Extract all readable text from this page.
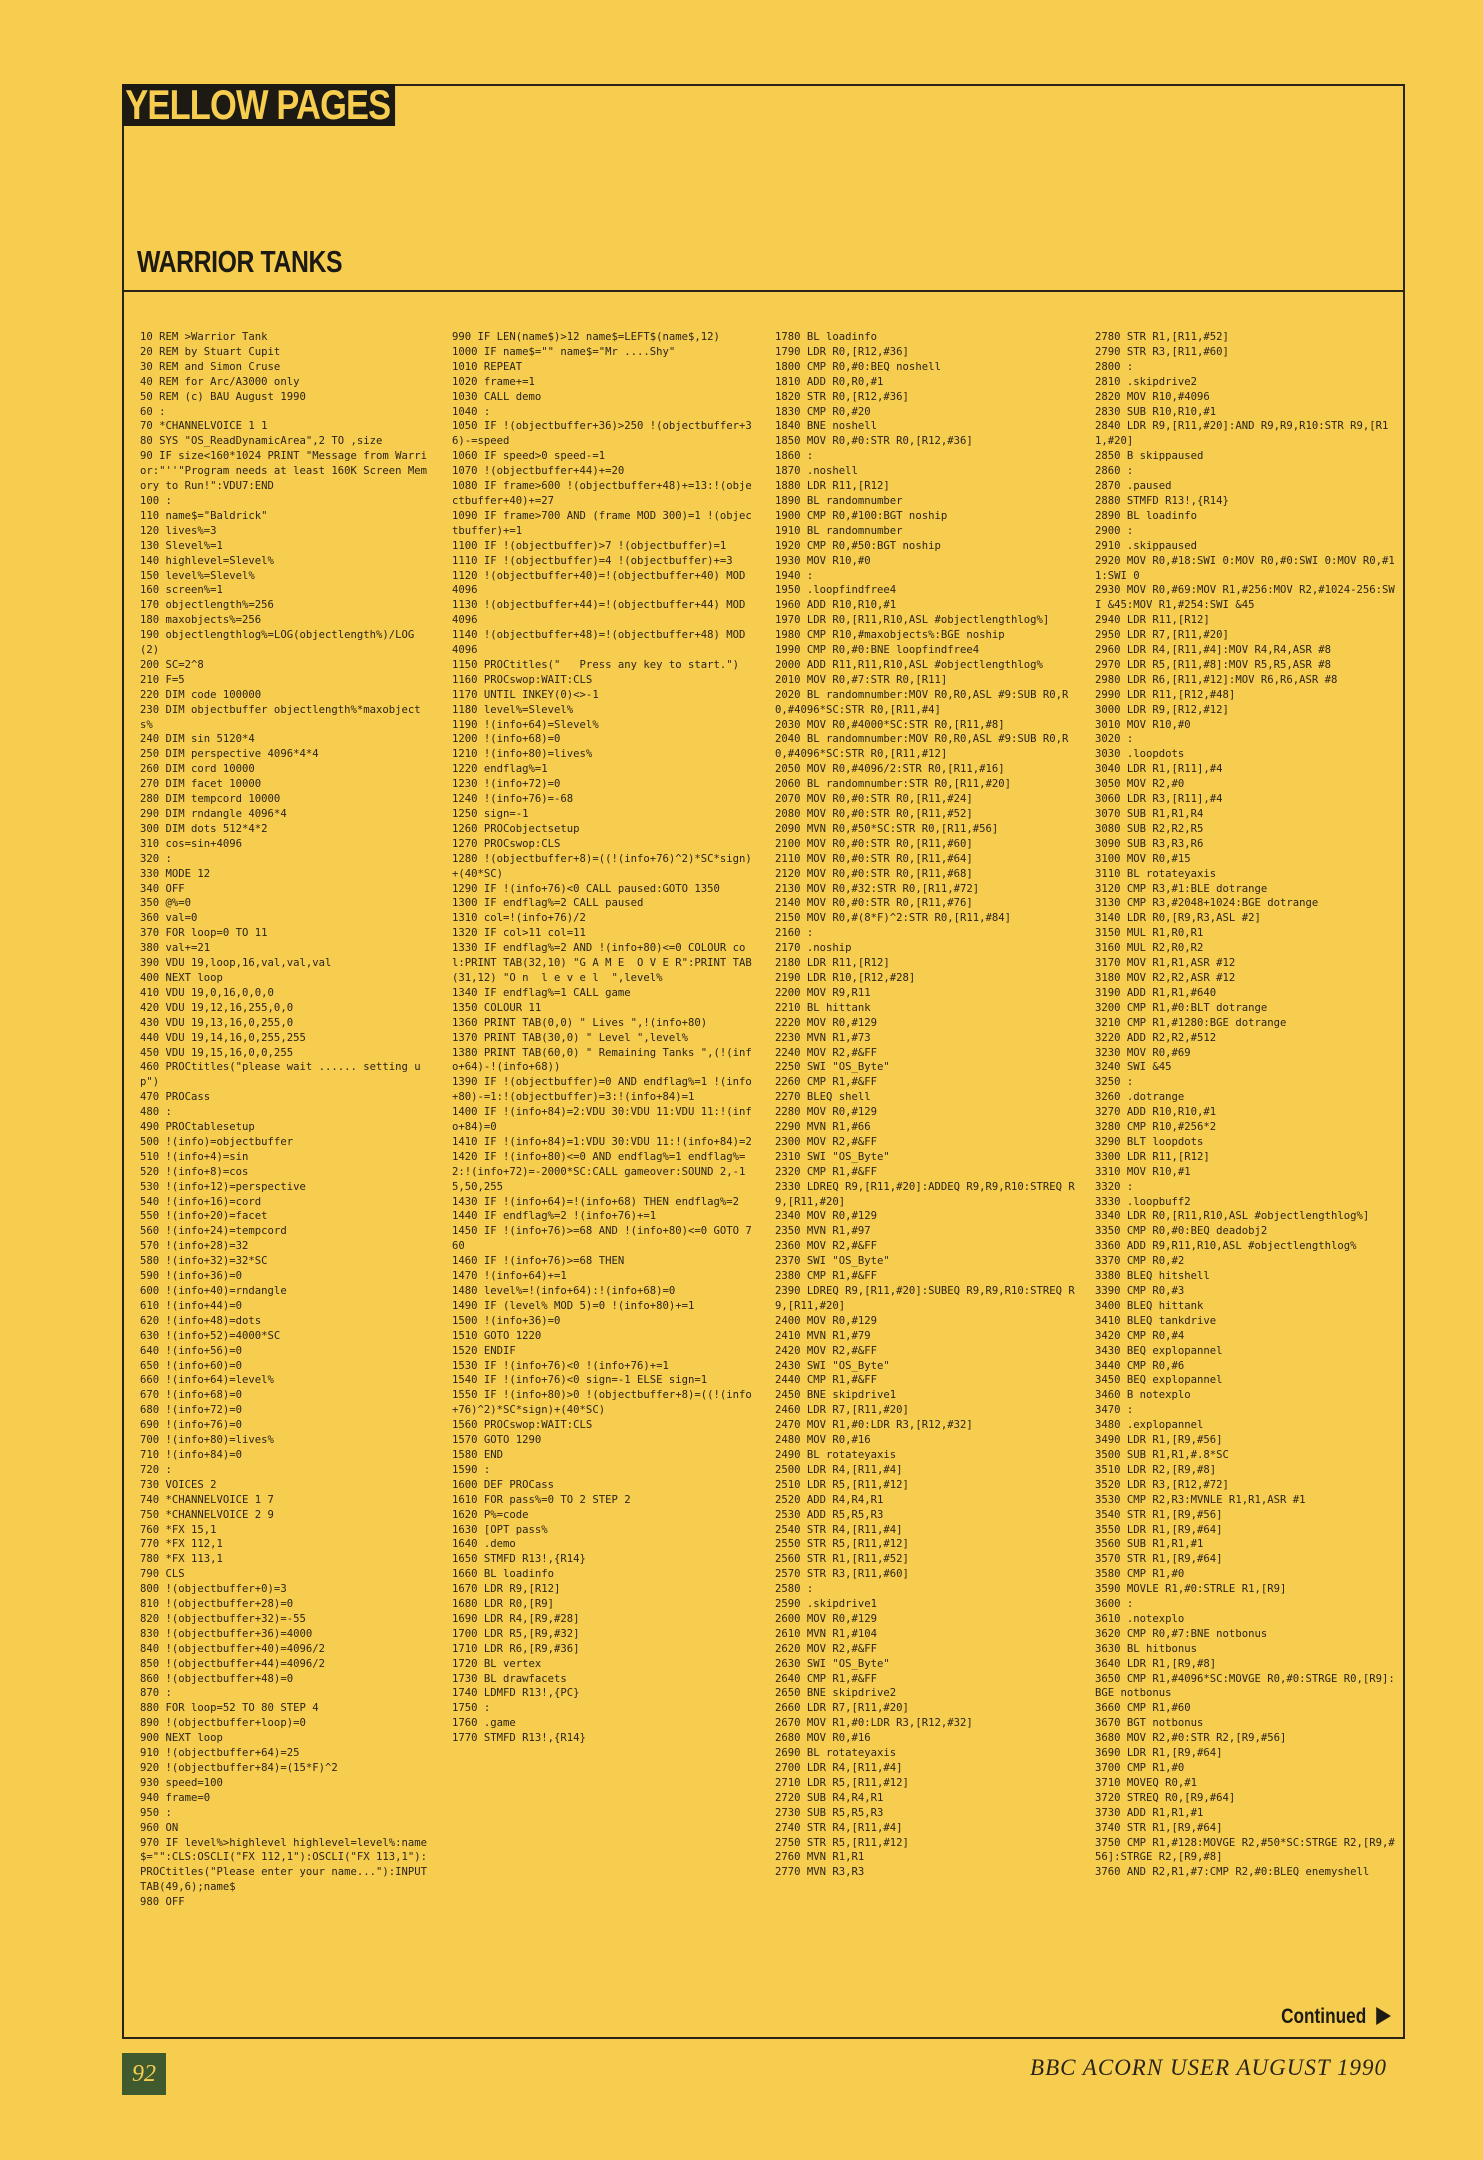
YELLOW PAGES
WARRIOR TANKS
10 REM >Warrior Tank
20 REM by Stuart Cupit
30 REM and Simon Cruse
40 REM for Arc/A3000 only
50 REM (c) BAU August 1990
60 :
70 *CHANNELVOICE 1 1
80 SYS "OS_ReadDynamicArea",2 TO ,size
90 IF size<160*1024 PRINT "Message from Warrior:"''"Program needs at least 160K Screen Memory to Run!":VDU7:END
100 :
110 name$="Baldrick"
120 lives%=3
130 Slevel%=1
140 highlevel=Slevel%
150 level%=Slevel%
160 screen%=1
170 objectlength%=256
180 maxobjects%=256
190 objectlengthlog%=LOG(objectlength%)/LOG(2)
200 SC=2^8
210 F=5
220 DIM code 100000
230 DIM objectbuffer objectlength%*maxobjects%
240 DIM sin 5120*4
250 DIM perspective 4096*4*4
260 DIM cord 10000
270 DIM facet 10000
280 DIM tempcord 10000
290 DIM rndangle 4096*4
300 DIM dots 512*4*2
310 cos=sin+4096
320 :
330 MODE 12
340 OFF
350 @%=0
360 val=0
370 FOR loop=0 TO 11
380 val+=21
390 VDU 19,loop,16,val,val,val
400 NEXT loop
410 VDU 19,0,16,0,0,0
420 VDU 19,12,16,255,0,0
430 VDU 19,13,16,0,255,0
440 VDU 19,14,16,0,255,255
450 VDU 19,15,16,0,0,255
460 PROCtitles("please wait ...... setting up")
470 PROCass
480 :
490 PROCtablesetup
500 !(info)=objectbuffer
510 !(info+4)=sin
520 !(info+8)=cos
530 !(info+12)=perspective
540 !(info+16)=cord
550 !(info+20)=facet
560 !(info+24)=tempcord
570 !(info+28)=32
580 !(info+32)=32*SC
590 !(info+36)=0
600 !(info+40)=rndangle
610 !(info+44)=0
620 !(info+48)=dots
630 !(info+52)=4000*SC
640 !(info+56)=0
650 !(info+60)=0
660 !(info+64)=level%
670 !(info+68)=0
680 !(info+72)=0
690 !(info+76)=0
700 !(info+80)=lives%
710 !(info+84)=0
720 :
730 VOICES 2
740 *CHANNELVOICE 1 7
750 *CHANNELVOICE 2 9
760 *FX 15,1
770 *FX 112,1
780 *FX 113,1
790 CLS
800 !(objectbuffer+0)=3
810 !(objectbuffer+28)=0
820 !(objectbuffer+32)=-55
830 !(objectbuffer+36)=4000
840 !(objectbuffer+40)=4096/2
850 !(objectbuffer+44)=4096/2
860 !(objectbuffer+48)=0
870 :
880 FOR loop=52 TO 80 STEP 4
890 !(objectbuffer+loop)=0
900 NEXT loop
910 !(objectbuffer+64)=25
920 !(objectbuffer+84)=(15*F)^2
930 speed=100
940 frame=0
950 :
960 ON
970 IF level%>highlevel highlevel=level%:name$="":CLS:OSCLI("FX 112,1"):OSCLI("FX 113,1"):PROCtitles("Please enter your name..."):INPUT TAB(49,6);name$
980 OFF
990 IF LEN(name$)>12 name$=LEFT$(name$,12)
1000 IF name$="" name$="Mr ....Shy"
1010 REPEAT
1020 frame+=1
1030 CALL demo
1040 :
1050 IF !(objectbuffer+36)>250 !(objectbuffer+36)-=speed
1060 IF speed>0 speed-=1
1070 !(objectbuffer+44)+=20
1080 IF frame>600 !(objectbuffer+48)+=13:!(objectbuffer+40)+=27
1090 IF frame>700 AND (frame MOD 300)=1 !(objectbuffer)+=1
1100 IF !(objectbuffer)>7 !(objectbuffer)=1
1110 IF !(objectbuffer)=4 !(objectbuffer)+=3
1120 !(objectbuffer+40)=!(objectbuffer+40) MOD 4096
1130 !(objectbuffer+44)=!(objectbuffer+44) MOD 4096
1140 !(objectbuffer+48)=!(objectbuffer+48) MOD 4096
1150 PROCtitles("   Press any key to start.")
1160 PROCswop:WAIT:CLS
1170 UNTIL INKEY(0)<>-1
1180 level%=Slevel%
1190 !(info+64)=Slevel%
1200 !(info+68)=0
1210 !(info+80)=lives%
1220 endflag%=1
1230 !(info+72)=0
1240 !(info+76)=-68
1250 sign=-1
1260 PROCobjectsetup
1270 PROCswop:CLS
1280 !(objectbuffer+8)=((!(info+76)^2)*SC*sign)+(40*SC)
1290 IF !(info+76)<0 CALL paused:GOTO 1350
1300 IF endflag%=2 CALL paused
1310 col=!(info+76)/2
1320 IF col>11 col=11
1330 IF endflag%=2 AND !(info+80)<=0 COLOUR col:PRINT TAB(32,10) "G A M E  O V E R":PRINT TAB(31,12) "O n  l e v e l  ",level%
1340 IF endflag%=1 CALL game
1350 COLOUR 11
1360 PRINT TAB(0,0) " Lives ",!(info+80)
1370 PRINT TAB(30,0) " Level ",level%
1380 PRINT TAB(60,0) " Remaining Tanks ",(!(info+64)-!(info+68))
1390 IF !(objectbuffer)=0 AND endflag%=1 !(info+80)-=1:!(objectbuffer)=3:!(info+84)=1
1400 IF !(info+84)=2:VDU 30:VDU 11:VDU 11:!(info+84)=0
1410 IF !(info+84)=1:VDU 30:VDU 11:!(info+84)=2
1420 IF !(info+80)<=0 AND endflag%=1 endflag%=2:!(info+72)=-2000*SC:CALL gameover:SOUND 2,-15,50,255
1430 IF !(info+64)=!(info+68) THEN endflag%=2
1440 IF endflag%=2 !(info+76)+=1
1450 IF !(info+76)>=68 AND !(info+80)<=0 GOTO 760
1460 IF !(info+76)>=68 THEN
1470 !(info+64)+=1
1480 level%=!(info+64):!(info+68)=0
1490 IF (level% MOD 5)=0 !(info+80)+=1
1500 !(info+36)=0
1510 GOTO 1220
1520 ENDIF
1530 IF !(info+76)<0 !(info+76)+=1
1540 IF !(info+76)<0 sign=-1 ELSE sign=1
1550 IF !(info+80)>0 !(objectbuffer+8)=((!(info+76)^2)*SC*sign)+(40*SC)
1560 PROCswop:WAIT:CLS
1570 GOTO 1290
1580 END
1590 :
1600 DEF PROCass
1610 FOR pass%=0 TO 2 STEP 2
1620 P%=code
1630 [OPT pass%
1640 .demo
1650 STMFD R13!,{R14}
1660 BL loadinfo
1670 LDR R9,[R12]
1680 LDR R0,[R9]
1690 LDR R4,[R9,#28]
1700 LDR R5,[R9,#32]
1710 LDR R6,[R9,#36]
1720 BL vertex
1730 BL drawfacets
1740 LDMFD R13!,{PC}
1750 :
1760 .game
1770 STMFD R13!,{R14}
1780 BL loadinfo
1790 LDR R0,[R12,#36]
1800 CMP R0,#0:BEQ noshell
1810 ADD R0,R0,#1
1820 STR R0,[R12,#36]
1830 CMP R0,#20
1840 BNE noshell
1850 MOV R0,#0:STR R0,[R12,#36]
1860 :
1870 .noshell
1880 LDR R11,[R12]
1890 BL randomnumber
1900 CMP R0,#100:BGT noship
1910 BL randomnumber
1920 CMP R0,#50:BGT noship
1930 MOV R10,#0
1940 :
1950 .loopfindfree4
1960 ADD R10,R10,#1
1970 LDR R0,[R11,R10,ASL #objectlengthlog%]
1980 CMP R10,#maxobjects%:BGE noship
1990 CMP R0,#0:BNE loopfindfree4
2000 ADD R11,R11,R10,ASL #objectlengthlog%
2010 MOV R0,#7:STR R0,[R11]
2020 BL randomnumber:MOV R0,R0,ASL #9:SUB R0,R0,#4096*SC:STR R0,[R11,#4]
2030 MOV R0,#4000*SC:STR R0,[R11,#8]
2040 BL randomnumber:MOV R0,R0,ASL #9:SUB R0,R0,#4096*SC:STR R0,[R11,#12]
2050 MOV R0,#4096/2:STR R0,[R11,#16]
2060 BL randomnumber:STR R0,[R11,#20]
2070 MOV R0,#0:STR R0,[R11,#24]
2080 MOV R0,#0:STR R0,[R11,#52]
2090 MVN R0,#50*SC:STR R0,[R11,#56]
2100 MOV R0,#0:STR R0,[R11,#60]
2110 MOV R0,#0:STR R0,[R11,#64]
2120 MOV R0,#0:STR R0,[R11,#68]
2130 MOV R0,#32:STR R0,[R11,#72]
2140 MOV R0,#0:STR R0,[R11,#76]
2150 MOV R0,#(8*F)^2:STR R0,[R11,#84]
2160 :
2170 .noship
2180 LDR R11,[R12]
2190 LDR R10,[R12,#28]
2200 MOV R9,R11
2210 BL hittank
2220 MOV R0,#129
2230 MVN R1,#73
2240 MOV R2,#&FF
2250 SWI "OS_Byte"
2260 CMP R1,#&FF
2270 BLEQ shell
2280 MOV R0,#129
2290 MVN R1,#66
2300 MOV R2,#&FF
2310 SWI "OS_Byte"
2320 CMP R1,#&FF
2330 LDREQ R9,[R11,#20]:ADDEQ R9,R9,R10:STREQ R9,[R11,#20]
2340 MOV R0,#129
2350 MVN R1,#97
2360 MOV R2,#&FF
2370 SWI "OS_Byte"
2380 CMP R1,#&FF
2390 LDREQ R9,[R11,#20]:SUBEQ R9,R9,R10:STREQ R9,[R11,#20]
2400 MOV R0,#129
2410 MVN R1,#79
2420 MOV R2,#&FF
2430 SWI "OS_Byte"
2440 CMP R1,#&FF
2450 BNE skipdrive1
2460 LDR R7,[R11,#20]
2470 MOV R1,#0:LDR R3,[R12,#32]
2480 MOV R0,#16
2490 BL rotateyaxis
2500 LDR R4,[R11,#4]
2510 LDR R5,[R11,#12]
2520 ADD R4,R4,R1
2530 ADD R5,R5,R3
2540 STR R4,[R11,#4]
2550 STR R5,[R11,#12]
2560 STR R1,[R11,#52]
2570 STR R3,[R11,#60]
2580 :
2590 .skipdrive1
2600 MOV R0,#129
2610 MVN R1,#104
2620 MOV R2,#&FF
2630 SWI "OS_Byte"
2640 CMP R1,#&FF
2650 BNE skipdrive2
2660 LDR R7,[R11,#20]
2670 MOV R1,#0:LDR R3,[R12,#32]
2680 MOV R0,#16
2690 BL rotateyaxis
2700 LDR R4,[R11,#4]
2710 LDR R5,[R11,#12]
2720 SUB R4,R4,R1
2730 SUB R5,R5,R3
2740 STR R4,[R11,#4]
2750 STR R5,[R11,#12]
2760 MVN R1,R1
2770 MVN R3,R3
2780 STR R1,[R11,#52]
2790 STR R3,[R11,#60]
2800 :
2810 .skipdrive2
2820 MOV R10,#4096
2830 SUB R10,R10,#1
2840 LDR R9,[R11,#20]:AND R9,R9,R10:STR R9,[R11,#20]
2850 B skippaused
2860 :
2870 .paused
2880 STMFD R13!,{R14}
2890 BL loadinfo
2900 :
2910 .skippaused
2920 MOV R0,#18:SWI 0:MOV R0,#0:SWI 0:MOV R0,#11:SWI 0
2930 MOV R0,#69:MOV R1,#256:MOV R2,#1024-256:SWI &45:MOV R1,#254:SWI &45
2940 LDR R11,[R12]
2950 LDR R7,[R11,#20]
2960 LDR R4,[R11,#4]:MOV R4,R4,ASR #8
2970 LDR R5,[R11,#8]:MOV R5,R5,ASR #8
2980 LDR R6,[R11,#12]:MOV R6,R6,ASR #8
2990 LDR R11,[R12,#48]
3000 LDR R9,[R12,#12]
3010 MOV R10,#0
3020 :
3030 .loopdots
3040 LDR R1,[R11],#4
3050 MOV R2,#0
3060 LDR R3,[R11],#4
3070 SUB R1,R1,R4
3080 SUB R2,R2,R5
3090 SUB R3,R3,R6
3100 MOV R0,#15
3110 BL rotateyaxis
3120 CMP R3,#1:BLE dotrange
3130 CMP R3,#2048+1024:BGE dotrange
3140 LDR R0,[R9,R3,ASL #2]
3150 MUL R1,R0,R1
3160 MUL R2,R0,R2
3170 MOV R1,R1,ASR #12
3180 MOV R2,R2,ASR #12
3190 ADD R1,R1,#640
3200 CMP R1,#0:BLT dotrange
3210 CMP R1,#1280:BGE dotrange
3220 ADD R2,R2,#512
3230 MOV R0,#69
3240 SWI &45
3250 :
3260 .dotrange
3270 ADD R10,R10,#1
3280 CMP R10,#256*2
3290 BLT loopdots
3300 LDR R11,[R12]
3310 MOV R10,#1
3320 :
3330 .loopbuff2
3340 LDR R0,[R11,R10,ASL #objectlengthlog%]
3350 CMP R0,#0:BEQ deadobj2
3360 ADD R9,R11,R10,ASL #objectlengthlog%
3370 CMP R0,#2
3380 BLEQ hitshell
3390 CMP R0,#3
3400 BLEQ hittank
3410 BLEQ tankdrive
3420 CMP R0,#4
3430 BEQ explopannel
3440 CMP R0,#6
3450 BEQ explopannel
3460 B notexplo
3470 :
3480 .explopannel
3490 LDR R1,[R9,#56]
3500 SUB R1,R1,#.8*SC
3510 LDR R2,[R9,#8]
3520 LDR R3,[R12,#72]
3530 CMP R2,R3:MVNLE R1,R1,ASR #1
3540 STR R1,[R9,#56]
3550 LDR R1,[R9,#64]
3560 SUB R1,R1,#1
3570 STR R1,[R9,#64]
3580 CMP R1,#0
3590 MOVLE R1,#0:STRLE R1,[R9]
3600 :
3610 .notexplo
3620 CMP R0,#7:BNE notbonus
3630 BL hitbonus
3640 LDR R1,[R9,#8]
3650 CMP R1,#4096*SC:MOVGE R0,#0:STRGE R0,[R9]:BGE notbonus
3660 CMP R1,#60
3670 BGT notbonus
3680 MOV R2,#0:STR R2,[R9,#56]
3690 LDR R1,[R9,#64]
3700 CMP R1,#0
3710 MOVEQ R0,#1
3720 STREQ R0,[R9,#64]
3730 ADD R1,R1,#1
3740 STR R1,[R9,#64]
3750 CMP R1,#128:MOVGE R2,#50*SC:STRGE R2,[R9,#56]:STRGE R2,[R9,#8]
3760 AND R2,R1,#7:CMP R2,#0:BLEQ enemyshell
Continued
92	BBC ACORN USER AUGUST 1990
